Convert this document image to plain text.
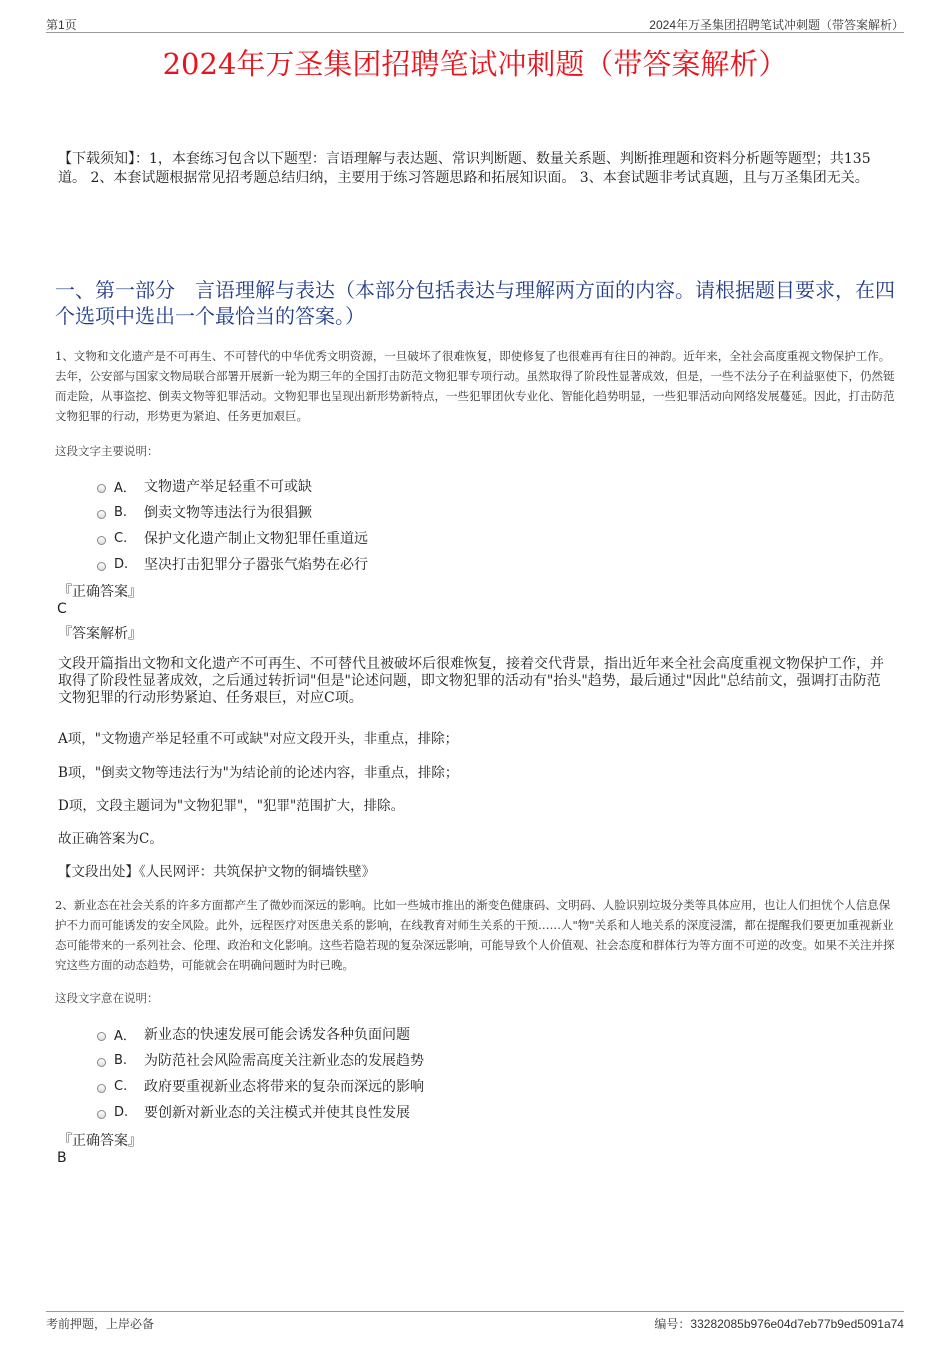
第1页	2024年万圣集团招聘笔试冲刺题（带答案解析）
2024年万圣集团招聘笔试冲刺题（带答案解析）
【下载须知】：1，本套练习包含以下题型：言语理解与表达题、常识判断题、数量关系题、判断推理题和资料分析题等题型；共135道。 2、本套试题根据常见招考题总结归纳，主要用于练习答题思路和拓展知识面。 3、本套试题非考试真题，且与万圣集团无关。
一、第一部分　言语理解与表达（本部分包括表达与理解两方面的内容。请根据题目要求，在四个选项中选出一个最恰当的答案。）
1、文物和文化遗产是不可再生、不可替代的中华优秀文明资源，一旦破坏了很难恢复，即使修复了也很难再有往日的神韵。近年来，全社会高度重视文物保护工作。去年，公安部与国家文物局联合部署开展新一轮为期三年的全国打击防范文物犯罪专项行动。虽然取得了阶段性显著成效，但是，一些不法分子在利益驱使下，仍然铤而走险，从事盗挖、倒卖文物等犯罪活动。文物犯罪也呈现出新形势新特点，一些犯罪团伙专业化、智能化趋势明显，一些犯罪活动向网络发展蔓延。因此，打击防范文物犯罪的行动，形势更为紧迫、任务更加艰巨。
这段文字主要说明：
A． 文物遗产举足轻重不可或缺
B.	倒卖文物等违法行为很猖獗
C.	保护文化遗产制止文物犯罪任重道远
D.	坚决打击犯罪分子嚣张气焰势在必行
『正确答案』
C
『答案解析』
文段开篇指出文物和文化遗产不可再生、不可替代且被破坏后很难恢复，接着交代背景，指出近年来全社会高度重视文物保护工作，并取得了阶段性显著成效，之后通过转折词"但是"论述问题，即文物犯罪的活动有"抬头"趋势，最后通过"因此"总结前文，强调打击防范文物犯罪的行动形势紧迫、任务艰巨，对应C项。
A项，"文物遗产举足轻重不可或缺"对应文段开头，非重点，排除；
B项，"倒卖文物等违法行为"为结论前的论述内容，非重点，排除；
D项，文段主题词为"文物犯罪"，"犯罪"范围扩大，排除。
故正确答案为C。
【文段出处】《人民网评：共筑保护文物的铜墙铁壁》
2、新业态在社会关系的许多方面都产生了微妙而深远的影响。比如一些城市推出的渐变色健康码、文明码、人脸识别垃圾分类等具体应用，也让人们担忧个人信息保护不力而可能诱发的安全风险。此外，远程医疗对医患关系的影响，在线教育对师生关系的干预……人"物"关系和人地关系的深度浸濡，都在提醒我们要更加重视新业态可能带来的一系列社会、伦理、政治和文化影响。这些若隐若现的复杂深远影响，可能导致个人价值观、社会态度和群体行为等方面不可逆的改变。如果不关注并探究这些方面的动态趋势，可能就会在明确问题时为时已晚。
这段文字意在说明：
A． 新业态的快速发展可能会诱发各种负面问题
B.	为防范社会风险需高度关注新业态的发展趋势
C.	政府要重视新业态将带来的复杂而深远的影响
D.	要创新对新业态的关注模式并使其良性发展
『正确答案』
B
考前押题，上岸必备	编号：33282085b976e04d7eb77b9ed5091a74
